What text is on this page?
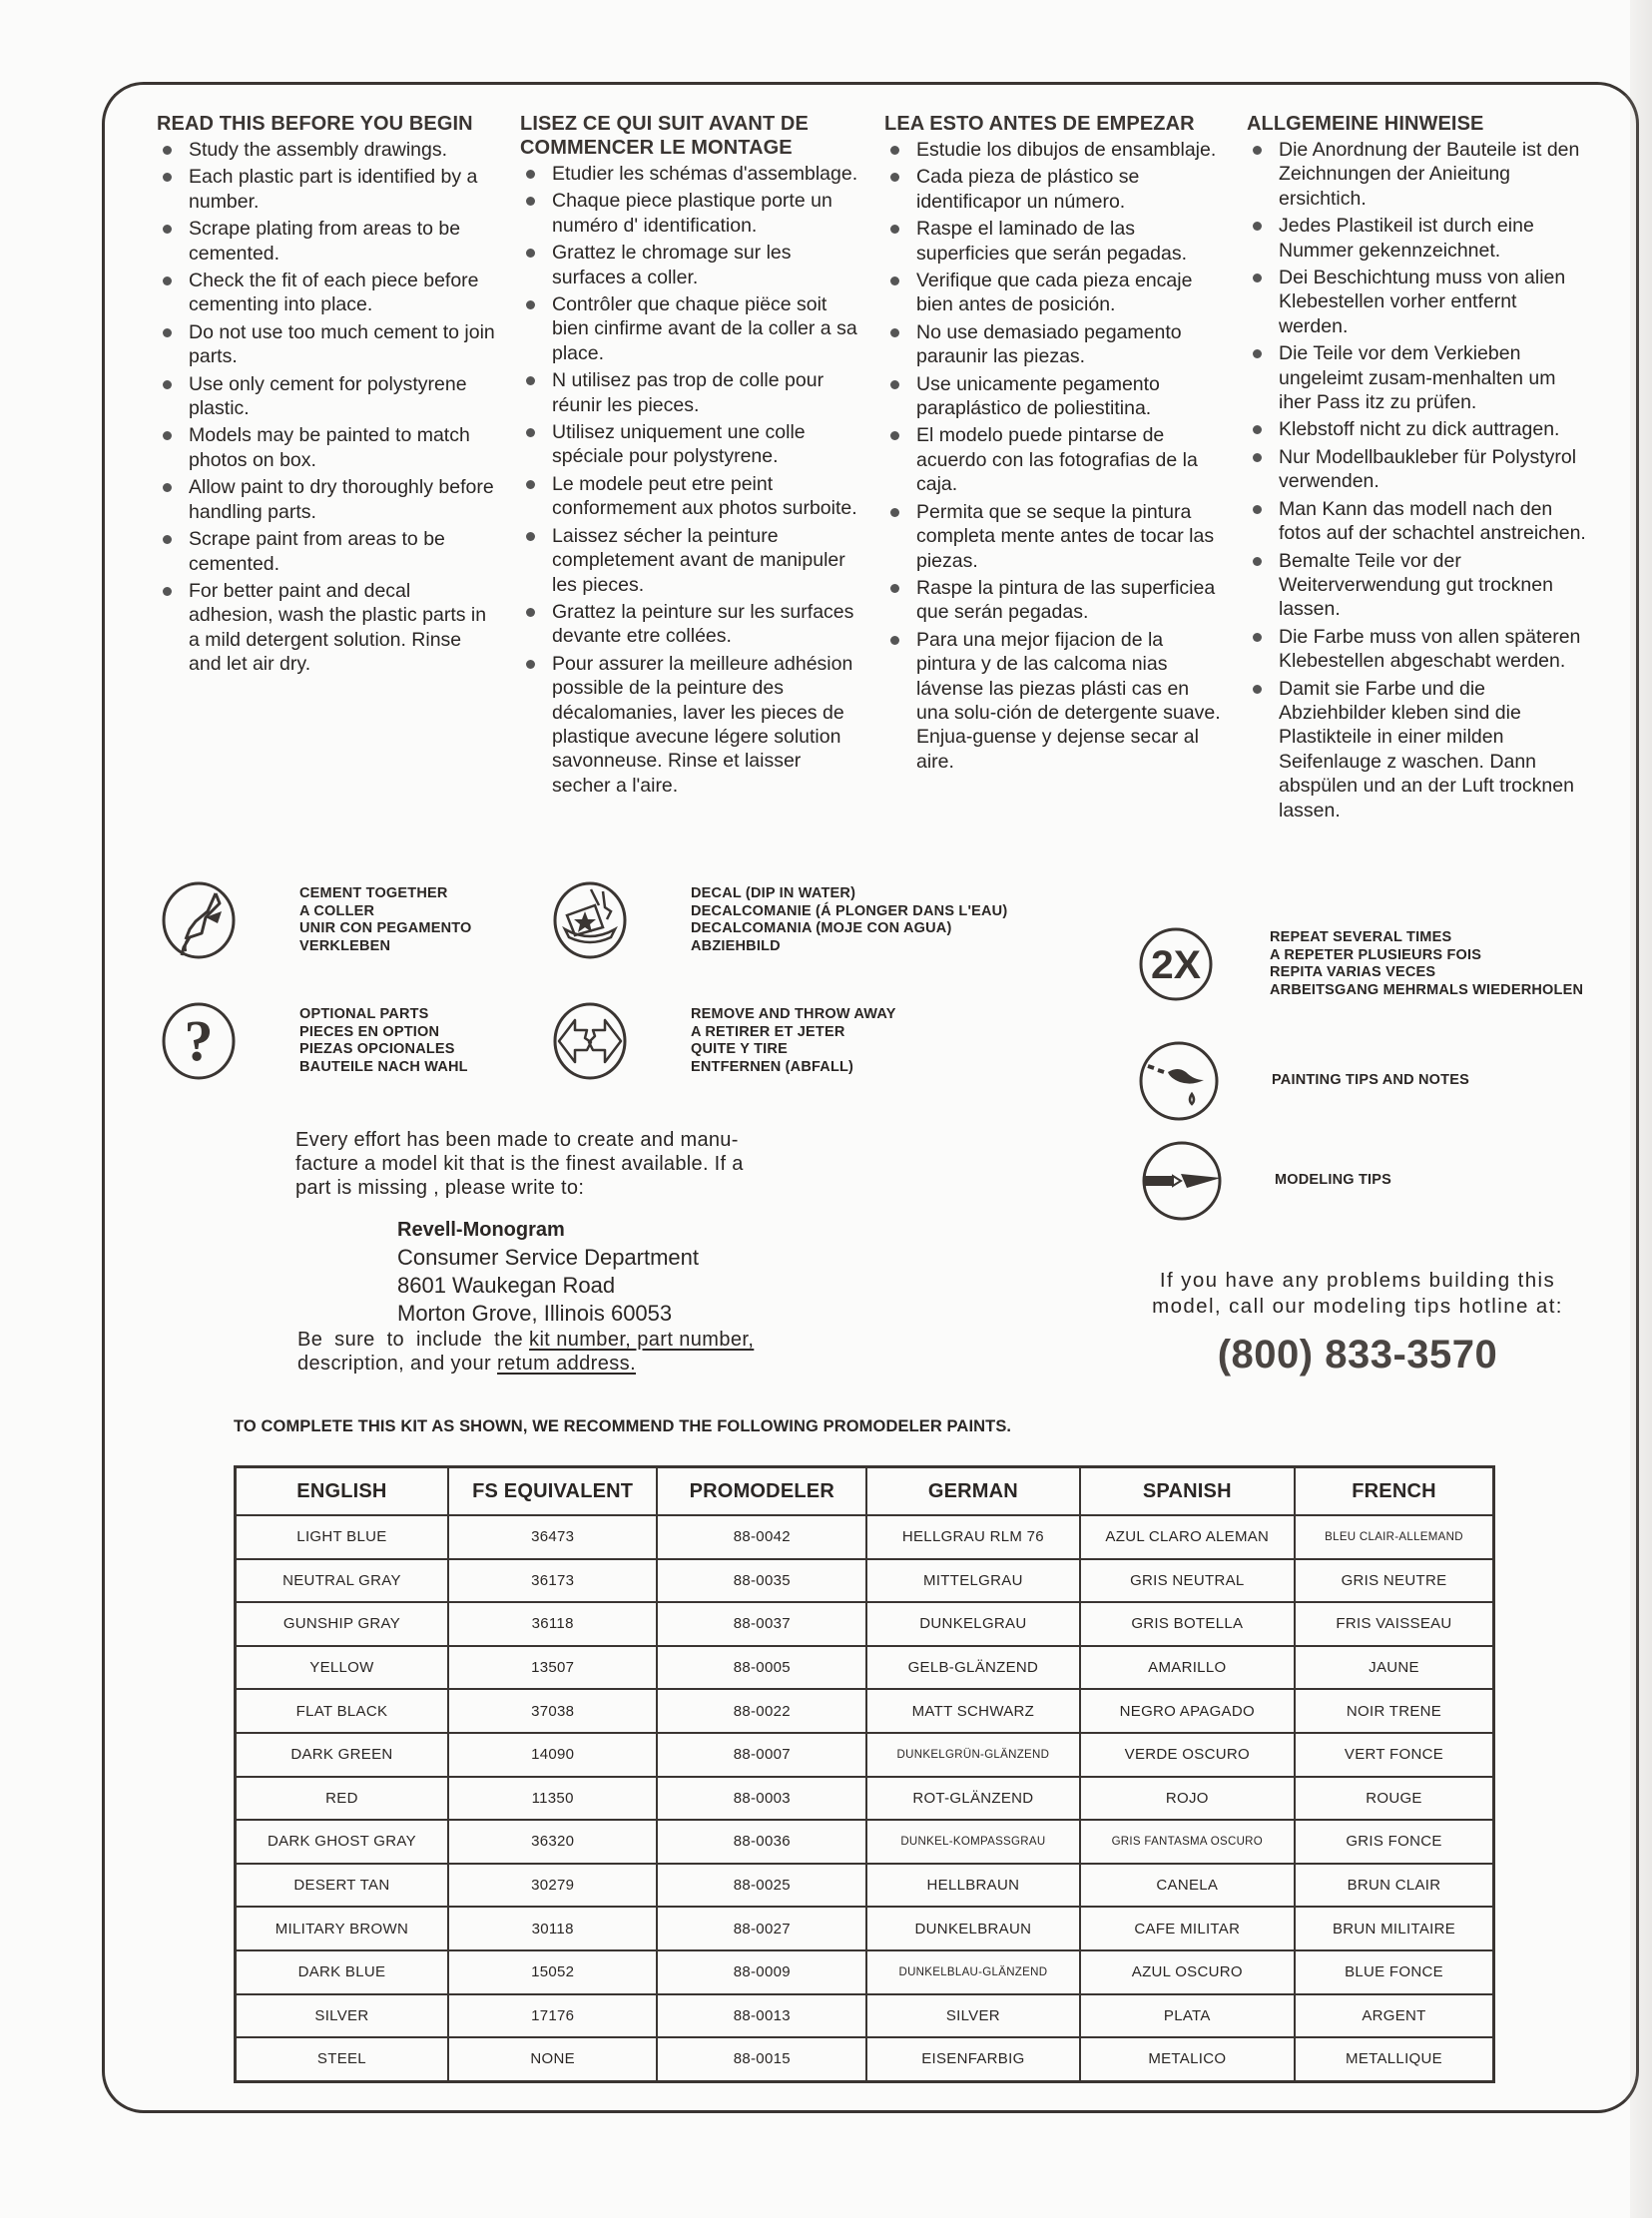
READ THIS BEFORE YOU BEGIN
Study the assembly drawings.
Each plastic part is identified by a number.
Scrape plating from areas to be cemented.
Check the fit of each piece before cementing into place.
Do not use too much cement to join parts.
Use only cement for polystyrene plastic.
Models may be painted to match photos on box.
Allow paint to dry thoroughly before handling parts.
Scrape paint from areas to be cemented.
For better paint and decal adhesion, wash the plastic parts in a mild detergent solution. Rinse and let air dry.
LISEZ CE QUI SUIT AVANT DE COMMENCER LE MONTAGE
Etudier les schémas d'assemblage.
Chaque piece plastique porte un numéro d' identification.
Grattez le chromage sur les surfaces a coller.
Contrôler que chaque piëce soit bien cinfirme avant de la coller a sa place.
N utilisez pas trop de colle pour réunir les pieces.
Utilisez uniquement une colle spéciale pour polystyrene.
Le modele peut etre peint conformement aux photos surboite.
Laissez sécher la peinture completement avant de manipuler les pieces.
Grattez la peinture sur les surfaces devante etre collées.
Pour assurer la meilleure adhésion possible de la peinture des décalomanies, laver les pieces de plastique avecune légere solution savonneuse. Rinse et laisser secher a l'aire.
LEA ESTO ANTES DE EMPEZAR
Estudie los dibujos de ensamblaje.
Cada pieza de plástico se identificapor un número.
Raspe el laminado de las superficies que serán pegadas.
Verifique que cada pieza encaje bien antes de posición.
No use demasiado pegamento paraunir las piezas.
Use unicamente pegamento paraplástico de poliestitina.
El modelo puede pintarse de acuerdo con las fotografias de la caja.
Permita que se seque la pintura completa mente antes de tocar las piezas.
Raspe la pintura de las superficiea que serán pegadas.
Para una mejor fijacion de la pintura y de las calcoma nias lávense las piezas plásti cas en una solu-ción de detergente suave. Enjua-guense y dejense secar al aire.
ALLGEMEINE HINWEISE
Die Anordnung der Bauteile ist den Zeichnungen der Anieitung ersichtich.
Jedes Plastikeil ist durch eine Nummer gekennzeichnet.
Dei Beschichtung muss von alien Klebestellen vorher entfernt werden.
Die Teile vor dem Verkieben ungeleimt zusam-menhalten um iher Pass itz zu prüfen.
Klebstoff nicht zu dick auttragen.
Nur Modellbaukleber für Polystyrol verwenden.
Man Kann das modell nach den fotos auf der schachtel anstreichen.
Bemalte Teile vor der Weiterverwendung gut trocknen lassen.
Die Farbe muss von allen späteren Klebestellen abgeschabt werden.
Damit sie Farbe und die Abziehbilder kleben sind die Plastikteile in einer milden Seifenlauge z waschen. Dann abspülen und an der Luft trocknen lassen.
CEMENT TOGETHER
A COLLER
UNIR CON PEGAMENTO
VERKLEBEN
DECAL (DIP IN WATER)
DECALCOMANIE (Á PLONGER DANS L'EAU)
DECALCOMANIA (MOJE CON AGUA)
ABZIEHBILD
?	OPTIONAL PARTS
PIECES EN OPTION
PIEZAS OPCIONALES
BAUTEILE NACH WAHL
REMOVE AND THROW AWAY
A RETIRER ET JETER
QUITE Y TIRE
ENTFERNEN (ABFALL)
2X
REPEAT SEVERAL TIMES
A REPETER PLUSIEURS FOIS
REPITA VARIAS VECES
ARBEITSGANG MEHRMALS WIEDERHOLEN
PAINTING TIPS AND NOTES
MODELING TIPS
Every effort has been made to create and manu-
facture a model kit that is the finest available. If a
part is missing , please write to:
Revell-Monogram
Consumer Service Department
8601 Waukegan Road
Morton Grove, Illinois 60053
Be  sure  to  include  the kit number, part number,
description, and your retum address.
If you have any problems building this
model, call our modeling tips hotline at:
(800) 833-3570
TO COMPLETE THIS KIT AS SHOWN, WE RECOMMEND THE FOLLOWING PROMODELER PAINTS.
ENGLISH	FS EQUIVALENT	PROMODELER	GERMAN	SPANISH	FRENCH
LIGHT BLUE	36473	88-0042	HELLGRAU RLM 76	AZUL CLARO ALEMAN	BLEU CLAIR-ALLEMAND
NEUTRAL GRAY	36173	88-0035	MITTELGRAU	GRIS NEUTRAL	GRIS NEUTRE
GUNSHIP GRAY	36118	88-0037	DUNKELGRAU	GRIS BOTELLA	FRIS VAISSEAU
YELLOW	13507	88-0005	GELB-GLÄNZEND	AMARILLO	JAUNE
FLAT BLACK	37038	88-0022	MATT SCHWARZ	NEGRO APAGADO	NOIR TRENE
DARK GREEN	14090	88-0007	DUNKELGRÜN-GLÄNZEND	VERDE OSCURO	VERT FONCE
RED	11350	88-0003	ROT-GLÄNZEND	ROJO	ROUGE
DARK GHOST GRAY	36320	88-0036	DUNKEL-KOMPASSGRAU	GRIS FANTASMA OSCURO	GRIS FONCE
DESERT TAN	30279	88-0025	HELLBRAUN	CANELA	BRUN CLAIR
MILITARY BROWN	30118	88-0027	DUNKELBRAUN	CAFE MILITAR	BRUN MILITAIRE
DARK BLUE	15052	88-0009	DUNKELBLAU-GLÄNZEND	AZUL OSCURO	BLUE FONCE
SILVER	17176	88-0013	SILVER	PLATA	ARGENT
STEEL	NONE	88-0015	EISENFARBIG	METALICO	METALLIQUE
